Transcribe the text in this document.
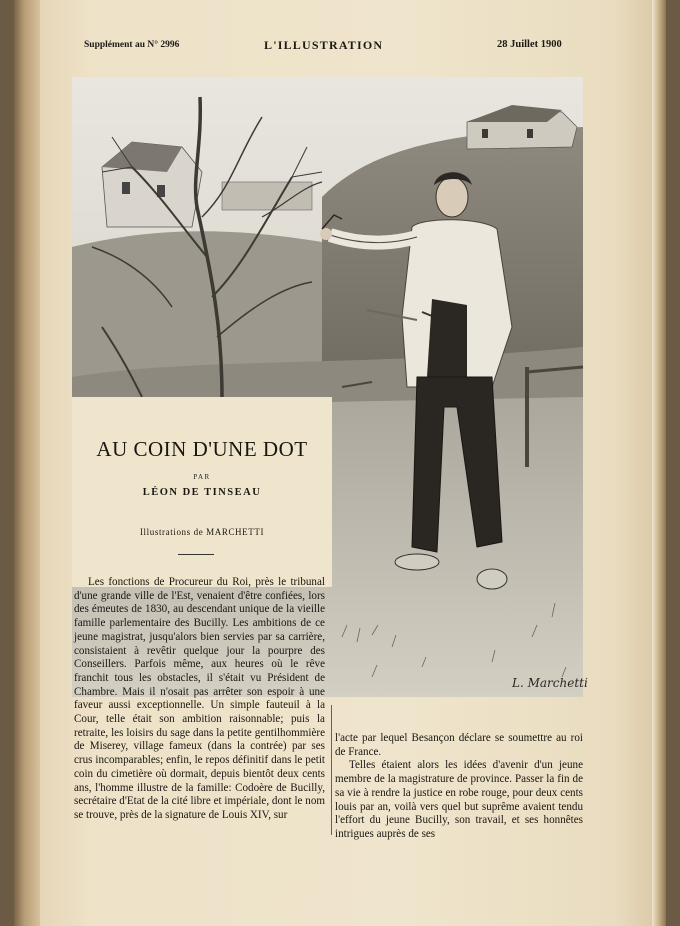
Supplément au N° 2996	L'ILLUSTRATION	28 Juillet 1900
L. Marchetti
AU COIN D'UNE DOT
PAR
LÉON DE TINSEAU
Illustrations de MARCHETTI

Les fonctions de Procureur du Roi, près le tribunal d'une grande ville de l'Est, venaient d'être confiées, lors des émeutes de 1830, au descendant unique de la vieille famille parlementaire des Bucilly. Les ambitions de ce jeune magistrat, jusqu'alors bien servies par sa carrière, consistaient à revêtir quelque jour la pourpre des Conseillers. Parfois même, aux heures où le rêve franchit tous les obstacles, il s'était vu Président de Chambre. Mais il n'osait pas arrêter son espoir à une faveur aussi exceptionnelle. Un simple fauteuil à la Cour, telle était son ambition raisonnable; puis la retraite, les loisirs du sage dans la petite gentilhommière de Miserey, village fameux (dans la contrée) par ses crus incomparables; enfin, le repos définitif dans le petit coin du cimetière où dormait, depuis bientôt deux cents ans, l'homme illustre de la famille: Codoère de Bucilly, secrétaire d'Etat de la cité libre et impériale, dont le nom se trouve, près de la signature de Louis XIV, sur

l'acte par lequel Besançon déclare se soumettre au roi de France.

Telles étaient alors les idées d'avenir d'un jeune membre de la magistrature de province. Passer la fin de sa vie à rendre la justice en robe rouge, pour deux cents louis par an, voilà vers quel but suprême avaient tendu l'effort du jeune Bucilly, son travail, et ses honnêtes intrigues auprès de ses
